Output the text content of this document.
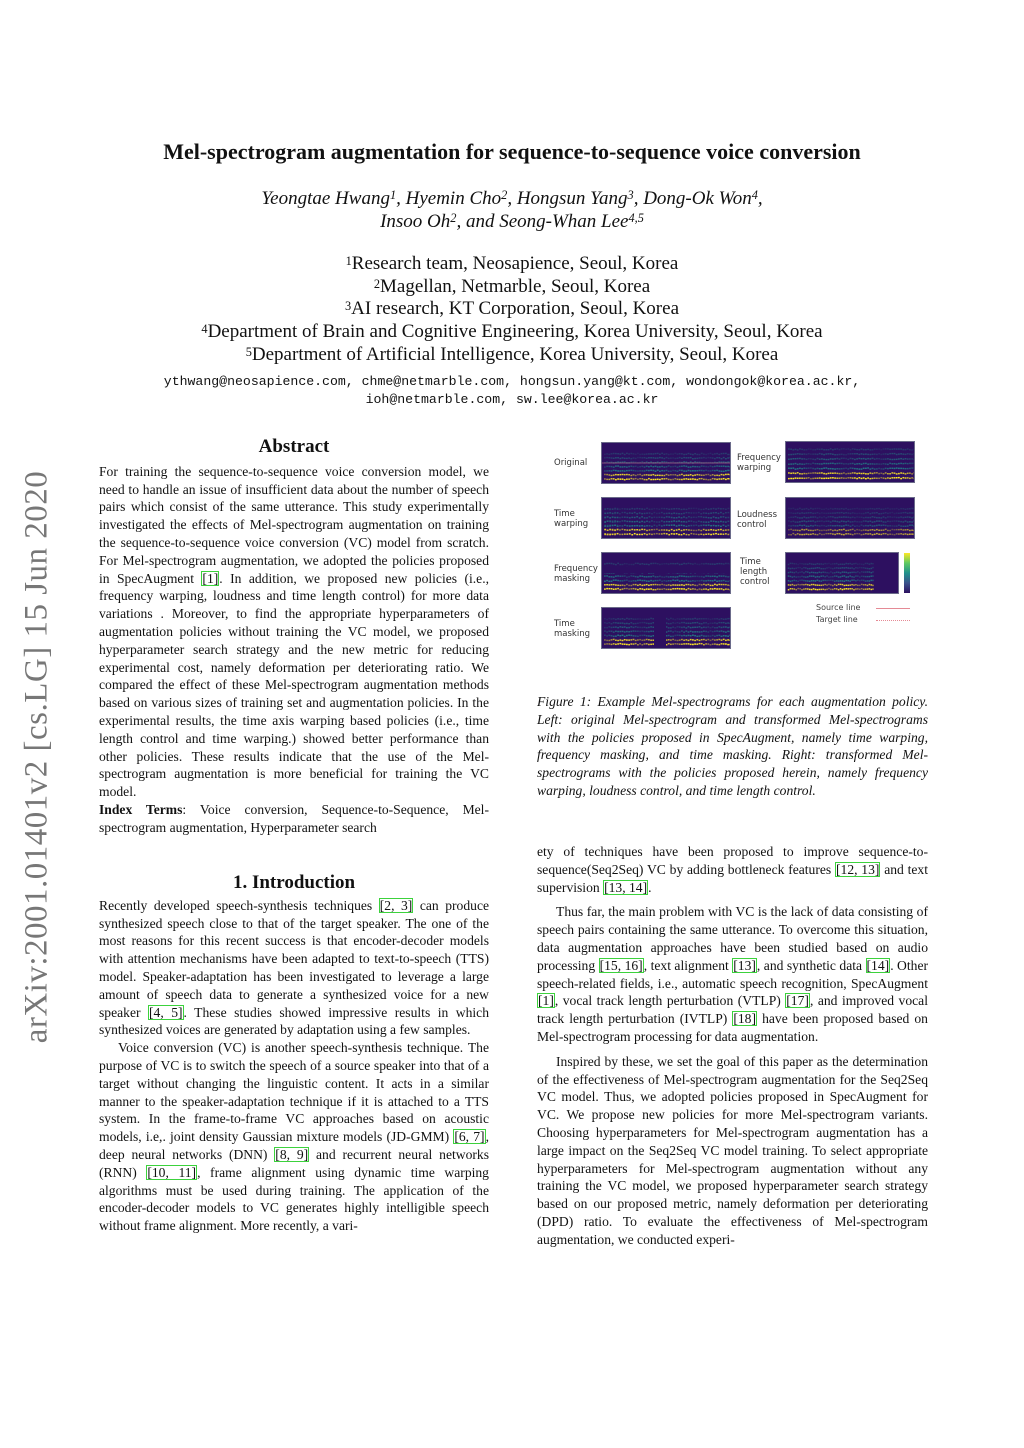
arXiv:2001.01401v2 [cs.LG] 15 Jun 2020
Mel-spectrogram augmentation for sequence-to-sequence voice conversion
Yeongtae Hwang$^1$, Hyemin Cho$^2$, Hongsun Yang$^3$, Dong-Ok Won$^4$,
Insoo Oh$^2$, and Seong-Whan Lee$^{4,5}$
$^1$Research team, Neosapience, Seoul, Korea
$^2$Magellan, Netmarble, Seoul, Korea
$^3$AI research, KT Corporation, Seoul, Korea
$^4$Department of Brain and Cognitive Engineering, Korea University, Seoul, Korea
$^5$Department of Artificial Intelligence, Korea University, Seoul, Korea
ythwang@neosapience.com, chme@netmarble.com, hongsun.yang@kt.com, wondongok@korea.ac.kr,
ioh@netmarble.com, sw.lee@korea.ac.kr
Abstract

For training the sequence-to-sequence voice conversion model, we need to handle an issue of insufficient data about the number of speech pairs which consist of the same utterance. This study experimentally investigated the effects of Mel-spectrogram augmentation on training the sequence-to-sequence voice conversion (VC) model from scratch. For Mel-spectrogram augmentation, we adopted the policies proposed in SpecAugment [1]. In addition, we proposed new policies (i.e., frequency warping, loudness and time length control) for more data variations . Moreover, to find the appropriate hyperparameters of augmentation policies without training the VC model, we proposed hyperparameter search strategy and the new metric for reducing experimental cost, namely deformation per deteriorating ratio. We compared the effect of these Mel-spectrogram augmentation methods based on various sizes of training set and augmentation policies. In the experimental results, the time axis warping based policies (i.e., time length control and time warping.) showed better performance than other policies. These results indicate that the use of the Mel-spectrogram augmentation is more beneficial for training the VC model.

Index Terms: Voice conversion, Sequence-to-Sequence, Mel-spectrogram augmentation, Hyperparameter search

1. Introduction

Recently developed speech-synthesis techniques [2, 3] can produce synthesized speech close to that of the target speaker. The one of the most reasons for this recent success is that encoder-decoder models with attention mechanisms have been adapted to text-to-speech (TTS) model. Speaker-adaptation has been investigated to leverage a large amount of speech data to generate a synthesized voice for a new speaker [4, 5]. These studies showed impressive results in which synthesized voices are generated by adaptation using a few samples.

Voice conversion (VC) is another speech-synthesis technique. The purpose of VC is to switch the speech of a source speaker into that of a target without changing the linguistic content. It acts in a similar manner to the speaker-adaptation technique if it is attached to a TTS system. In the frame-to-frame VC approaches based on acoustic models, i.e,. joint density Gaussian mixture models (JD-GMM) [6, 7], deep neural networks (DNN) [8, 9] and recurrent neural networks (RNN) [10, 11], frame alignment using dynamic time warping algorithms must be used during training. The application of the encoder-decoder models to VC generates highly intelligible speech without frame alignment. More recently, a vari-

Original	Frequency
warping
Time
warping
Loudness
control
Frequency
masking
Time
length
control
Time
masking
Source line
Target line
Figure 1: Example Mel-spectrograms for each augmentation policy. Left: original Mel-spectrogram and transformed Mel-spectrograms with the policies proposed in SpecAugment, namely time warping, frequency masking, and time masking. Right: transformed Mel-spectrograms with the policies proposed herein, namely frequency warping, loudness control, and time length control.

ety of techniques have been proposed to improve sequence-to-sequence(Seq2Seq) VC by adding bottleneck features [12, 13] and text supervision [13, 14].

Thus far, the main problem with VC is the lack of data consisting of speech pairs containing the same utterance. To overcome this situation, data augmentation approaches have been studied based on audio processing [15, 16], text alignment [13], and synthetic data [14]. Other speech-related fields, i.e., automatic speech recognition, SpecAugment [1], vocal track length perturbation (VTLP) [17], and improved vocal track length perturbation (IVTLP) [18] have been proposed based on Mel-spectrogram processing for data augmentation.

Inspired by these, we set the goal of this paper as the determination of the effectiveness of Mel-spectrogram augmentation for the Seq2Seq VC model. Thus, we adopted policies proposed in SpecAugment for VC. We propose new policies for more Mel-spectrogram variants. Choosing hyperparameters for Mel-spectrogram augmentation has a large impact on the Seq2Seq VC model training. To select appropriate hyperparameters for Mel-spectrogram augmentation without any training the VC model, we proposed hyperparameter search strategy based on our proposed metric, namely deformation per deteriorating (DPD) ratio. To evaluate the effectiveness of Mel-spectrogram augmentation, we conducted experi-
